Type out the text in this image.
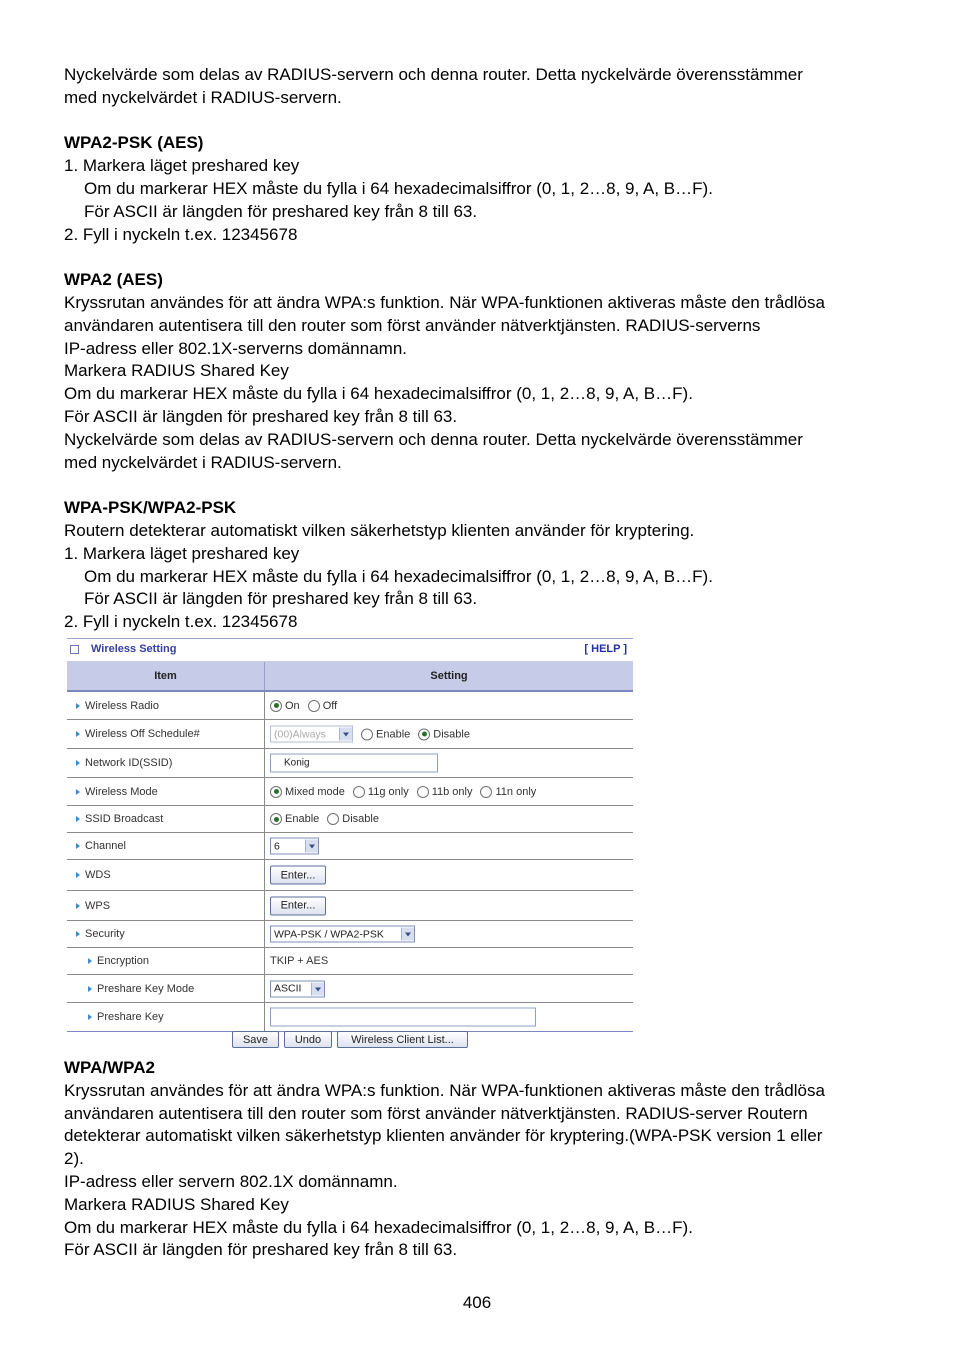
Nyckelvärde som delas av RADIUS-servern och denna router. Detta nyckelvärde överensstämmer

med nyckelvärdet i RADIUS-servern.

WPA2-PSK (AES)

1. Markera läget preshared key

Om du markerar HEX måste du fylla i 64 hexadecimalsiffror (0, 1, 2…8, 9, A, B…F).

För ASCII är längden för preshared key från 8 till 63.

2. Fyll i nyckeln t.ex. 12345678

WPA2 (AES)

Kryssrutan användes för att ändra WPA:s funktion. När WPA-funktionen aktiveras måste den trådlösa

användaren autentisera till den router som först använder nätverktjänsten. RADIUS-serverns

IP-adress eller 802.1X-serverns domännamn.

Markera RADIUS Shared Key

Om du markerar HEX måste du fylla i 64 hexadecimalsiffror (0, 1, 2…8, 9, A, B…F).

För ASCII är längden för preshared key från 8 till 63.

Nyckelvärde som delas av RADIUS-servern och denna router. Detta nyckelvärde överensstämmer

med nyckelvärdet i RADIUS-servern.

WPA-PSK/WPA2-PSK

Routern detekterar automatiskt vilken säkerhetstyp klienten använder för kryptering.

1. Markera läget preshared key

Om du markerar HEX måste du fylla i 64 hexadecimalsiffror (0, 1, 2…8, 9, A, B…F).

För ASCII är längden för preshared key från 8 till 63.

2. Fyll i nyckeln t.ex. 12345678

Wireless Setting	[ HELP ]
Item	Setting
Wireless Radio	On Off
Wireless Off Schedule#	(00)Always	Enable Disable
Network ID(SSID)	Konig
Wireless Mode	Mixed mode 11g only 11b only 11n only
SSID Broadcast	Enable Disable
Channel	6
WDS	Enter...
WPS	Enter...
Security	WPA-PSK / WPA2-PSK
Encryption	TKIP + AES
Preshare Key Mode	ASCII
Preshare Key
Save	Undo	Wireless Client List...

WPA/WPA2

Kryssrutan användes för att ändra WPA:s funktion. När WPA-funktionen aktiveras måste den trådlösa

användaren autentisera till den router som först använder nätverktjänsten. RADIUS-server Routern

detekterar automatiskt vilken säkerhetstyp klienten använder för kryptering.(WPA-PSK version 1 eller

2).

IP-adress eller servern 802.1X domännamn.

Markera RADIUS Shared Key

Om du markerar HEX måste du fylla i 64 hexadecimalsiffror (0, 1, 2…8, 9, A, B…F).

För ASCII är längden för preshared key från 8 till 63.

406
